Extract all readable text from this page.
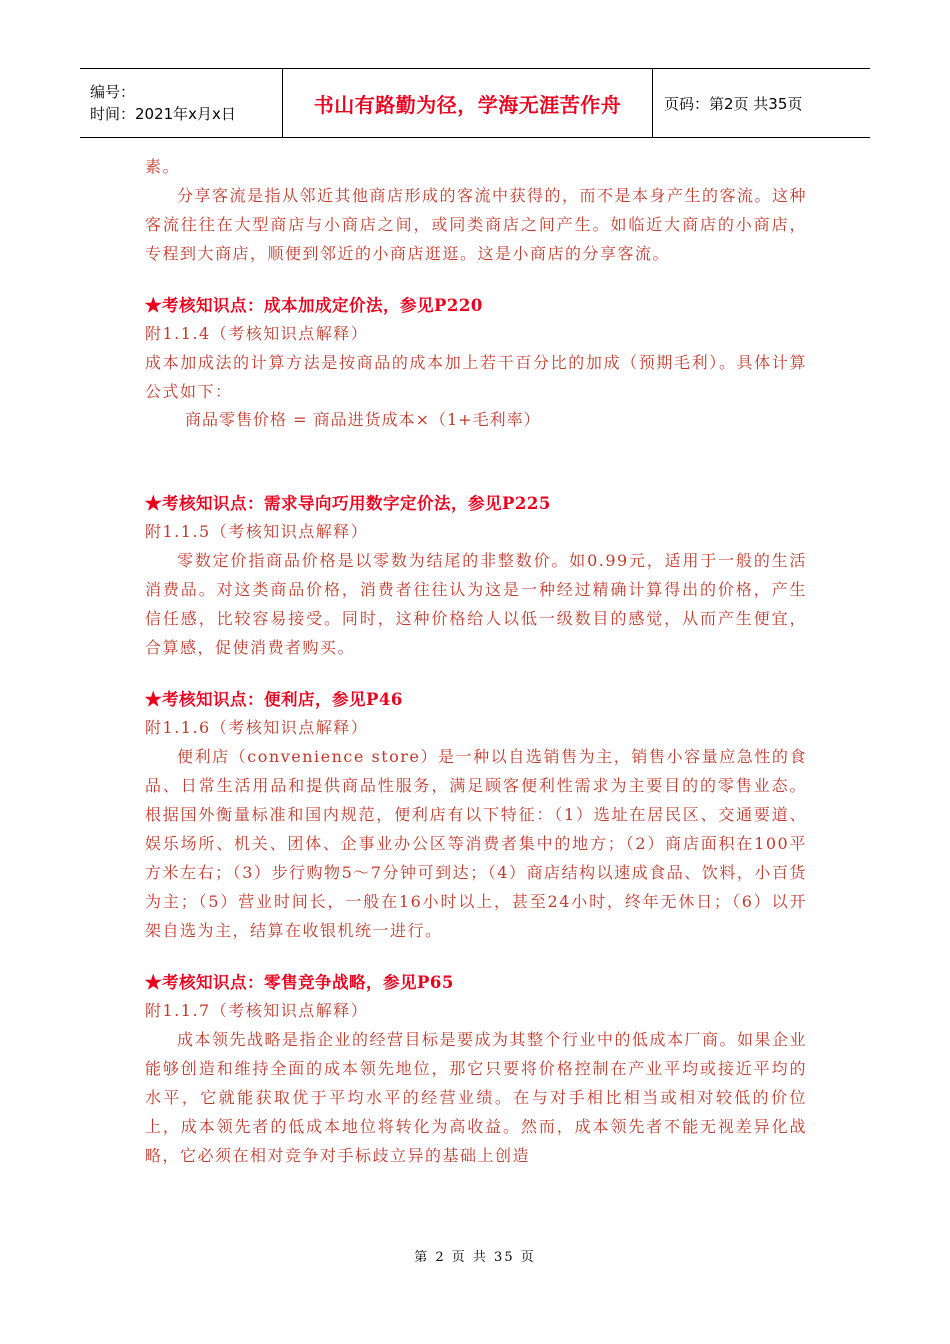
编号：
时间：2021年x月x日	书山有路勤为径，学海无涯苦作舟	页码：第2页 共35页

素。

分享客流是指从邻近其他商店形成的客流中获得的，而不是本身产生的客流。这种客流往往在大型商店与小商店之间，或同类商店之间产生。如临近大商店的小商店，专程到大商店，顺便到邻近的小商店逛逛。这是小商店的分享客流。

★考核知识点：成本加成定价法，参见P220

附1.1.4（考核知识点解释）

成本加成法的计算方法是按商品的成本加上若干百分比的加成（预期毛利）。具体计算公式如下：

商品零售价格 = 商品进货成本×（1+毛利率）

★考核知识点：需求导向巧用数字定价法，参见P225

附1.1.5（考核知识点解释）

零数定价指商品价格是以零数为结尾的非整数价。如0.99元，适用于一般的生活消费品。对这类商品价格，消费者往往认为这是一种经过精确计算得出的价格，产生信任感，比较容易接受。同时，这种价格给人以低一级数目的感觉，从而产生便宜，合算感，促使消费者购买。

★考核知识点：便利店，参见P46

附1.1.6（考核知识点解释）

便利店（convenience store）是一种以自选销售为主，销售小容量应急性的食品、日常生活用品和提供商品性服务，满足顾客便利性需求为主要目的的零售业态。根据国外衡量标准和国内规范，便利店有以下特征：（1）选址在居民区、交通要道、娱乐场所、机关、团体、企事业办公区等消费者集中的地方；（2）商店面积在100平方米左右；（3）步行购物5～7分钟可到达；（4）商店结构以速成食品、饮料，小百货为主；（5）营业时间长，一般在16小时以上，甚至24小时，终年无休日；（6）以开架自选为主，结算在收银机统一进行。

★考核知识点：零售竞争战略，参见P65

附1.1.7（考核知识点解释）

成本领先战略是指企业的经营目标是要成为其整个行业中的低成本厂商。如果企业能够创造和维持全面的成本领先地位，那它只要将价格控制在产业平均或接近平均的水平，它就能获取优于平均水平的经营业绩。在与对手相比相当或相对较低的价位上，成本领先者的低成本地位将转化为高收益。然而，成本领先者不能无视差异化战略，它必须在相对竞争对手标歧立异的基础上创造

第 2 页 共 35 页
